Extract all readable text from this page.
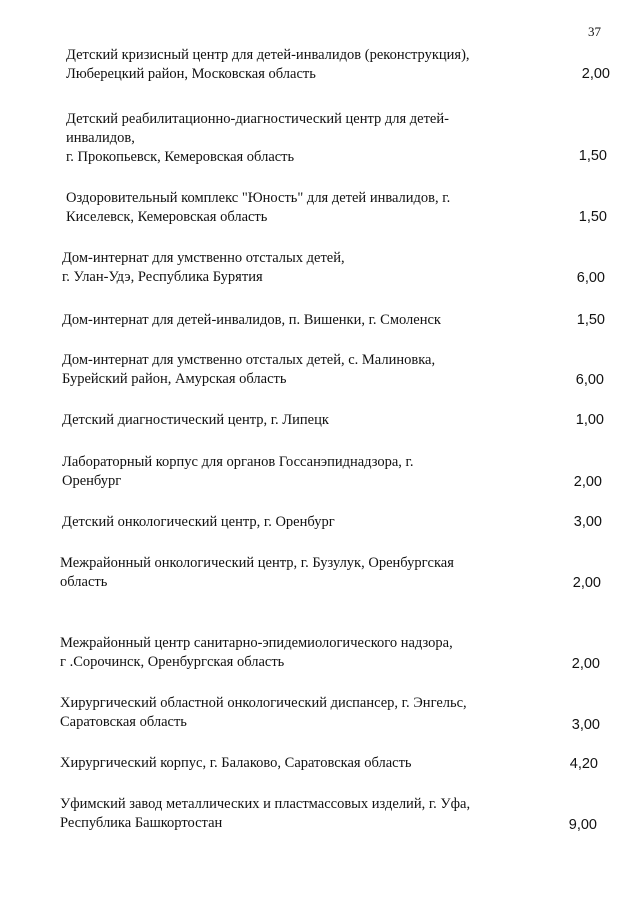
37
Детский кризисный центр для детей-инвалидов (реконструкция),
Люберецкий район, Московская область	2,00
Детский реабилитационно-диагностический центр для детей-
инвалидов,
г. Прокопьевск, Кемеровская область	1,50
Оздоровительный комплекс "Юность" для детей инвалидов, г.
Киселевск, Кемеровская область	1,50
Дом-интернат для умственно отсталых детей,
г. Улан-Удэ, Республика Бурятия	6,00
Дом-интернат для детей-инвалидов, п. Вишенки, г. Смоленск	1,50
Дом-интернат для умственно отсталых детей, с. Малиновка,
Бурейский район, Амурская область	6,00
Детский диагностический центр, г. Липецк	1,00
Лабораторный корпус для органов Госсанэпиднадзора, г.
Оренбург	2,00
Детский онкологический центр, г. Оренбург	3,00
Межрайонный онкологический центр, г. Бузулук, Оренбургская
область	2,00
Межрайонный центр санитарно-эпидемиологического надзора,
г .Сорочинск, Оренбургская область	2,00
Хирургический областной онкологический диспансер, г. Энгельс,
Саратовская область	3,00
Хирургический корпус, г. Балаково, Саратовская область	4,20
Уфимский завод металлических и пластмассовых изделий, г. Уфа,
Республика Башкортостан	9,00
